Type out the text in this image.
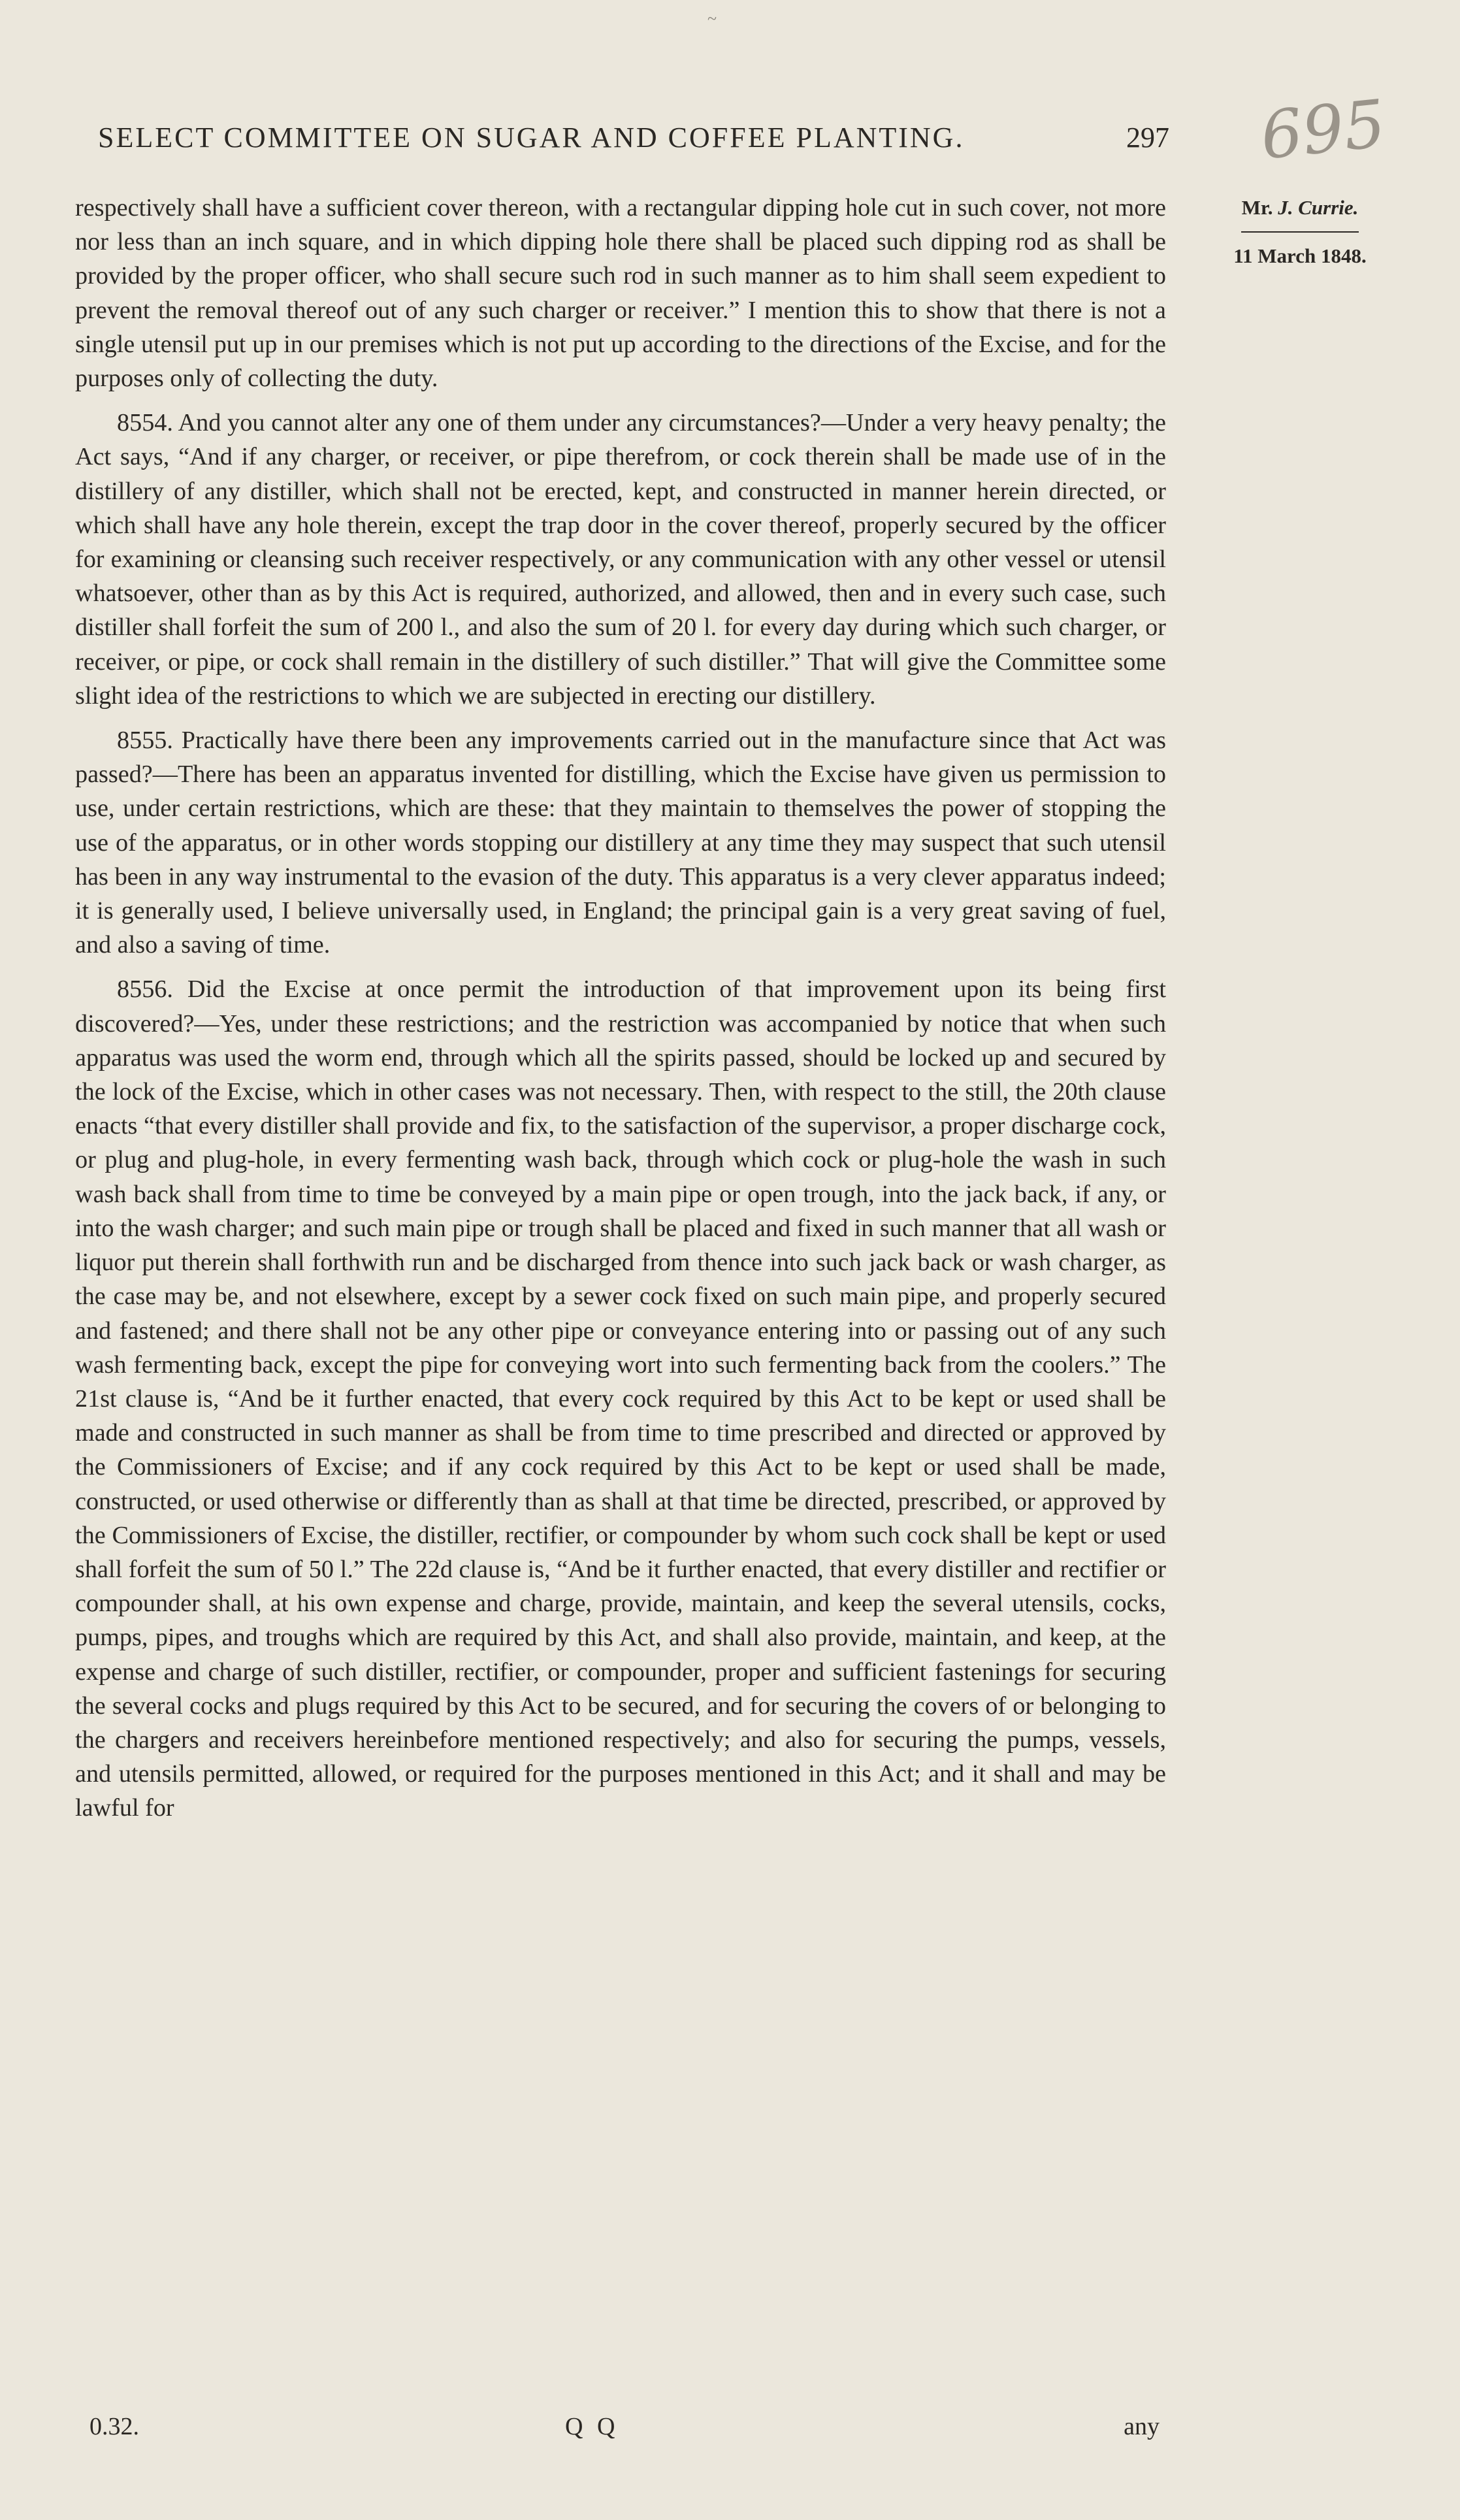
~
SELECT COMMITTEE ON SUGAR AND COFFEE PLANTING.	297 695
Mr. J. Currie.
11 March 1848.

respectively shall have a sufficient cover thereon, with a rectangular dipping hole cut in such cover, not more nor less than an inch square, and in which dipping hole there shall be placed such dipping rod as shall be provided by the proper officer, who shall secure such rod in such manner as to him shall seem expedient to prevent the removal thereof out of any such charger or receiver.” I mention this to show that there is not a single utensil put up in our premises which is not put up according to the directions of the Excise, and for the purposes only of collecting the duty.

8554. And you cannot alter any one of them under any circumstances?—Under a very heavy penalty; the Act says, “And if any charger, or receiver, or pipe therefrom, or cock therein shall be made use of in the distillery of any distiller, which shall not be erected, kept, and constructed in manner herein directed, or which shall have any hole therein, except the trap door in the cover thereof, properly secured by the officer for examining or cleansing such receiver respectively, or any communication with any other vessel or utensil whatsoever, other than as by this Act is required, authorized, and allowed, then and in every such case, such distiller shall forfeit the sum of 200 l., and also the sum of 20 l. for every day during which such charger, or receiver, or pipe, or cock shall remain in the distillery of such distiller.” That will give the Committee some slight idea of the restrictions to which we are subjected in erecting our distillery.

8555. Practically have there been any improvements carried out in the manufacture since that Act was passed?—There has been an apparatus invented for distilling, which the Excise have given us permission to use, under certain restrictions, which are these: that they maintain to themselves the power of stopping the use of the apparatus, or in other words stopping our distillery at any time they may suspect that such utensil has been in any way instrumental to the evasion of the duty. This apparatus is a very clever apparatus indeed; it is generally used, I believe universally used, in England; the principal gain is a very great saving of fuel, and also a saving of time.

8556. Did the Excise at once permit the introduction of that improvement upon its being first discovered?—Yes, under these restrictions; and the restriction was accompanied by notice that when such apparatus was used the worm end, through which all the spirits passed, should be locked up and secured by the lock of the Excise, which in other cases was not necessary. Then, with respect to the still, the 20th clause enacts “that every distiller shall provide and fix, to the satisfaction of the supervisor, a proper discharge cock, or plug and plug-hole, in every fermenting wash back, through which cock or plug-hole the wash in such wash back shall from time to time be conveyed by a main pipe or open trough, into the jack back, if any, or into the wash charger; and such main pipe or trough shall be placed and fixed in such manner that all wash or liquor put therein shall forthwith run and be discharged from thence into such jack back or wash charger, as the case may be, and not elsewhere, except by a sewer cock fixed on such main pipe, and properly secured and fastened; and there shall not be any other pipe or conveyance entering into or passing out of any such wash fermenting back, except the pipe for conveying wort into such fermenting back from the coolers.” The 21st clause is, “And be it further enacted, that every cock required by this Act to be kept or used shall be made and constructed in such manner as shall be from time to time prescribed and directed or approved by the Commissioners of Excise; and if any cock required by this Act to be kept or used shall be made, constructed, or used otherwise or differently than as shall at that time be directed, prescribed, or approved by the Commissioners of Excise, the distiller, rectifier, or compounder by whom such cock shall be kept or used shall forfeit the sum of 50 l.” The 22d clause is, “And be it further enacted, that every distiller and rectifier or compounder shall, at his own expense and charge, provide, maintain, and keep the several utensils, cocks, pumps, pipes, and troughs which are required by this Act, and shall also provide, maintain, and keep, at the expense and charge of such distiller, rectifier, or compounder, proper and sufficient fastenings for securing the several cocks and plugs required by this Act to be secured, and for securing the covers of or belonging to the chargers and receivers hereinbefore mentioned respectively; and also for securing the pumps, vessels, and utensils permitted, allowed, or required for the purposes mentioned in this Act; and it shall and may be lawful for

0.32.	Q Q	any
